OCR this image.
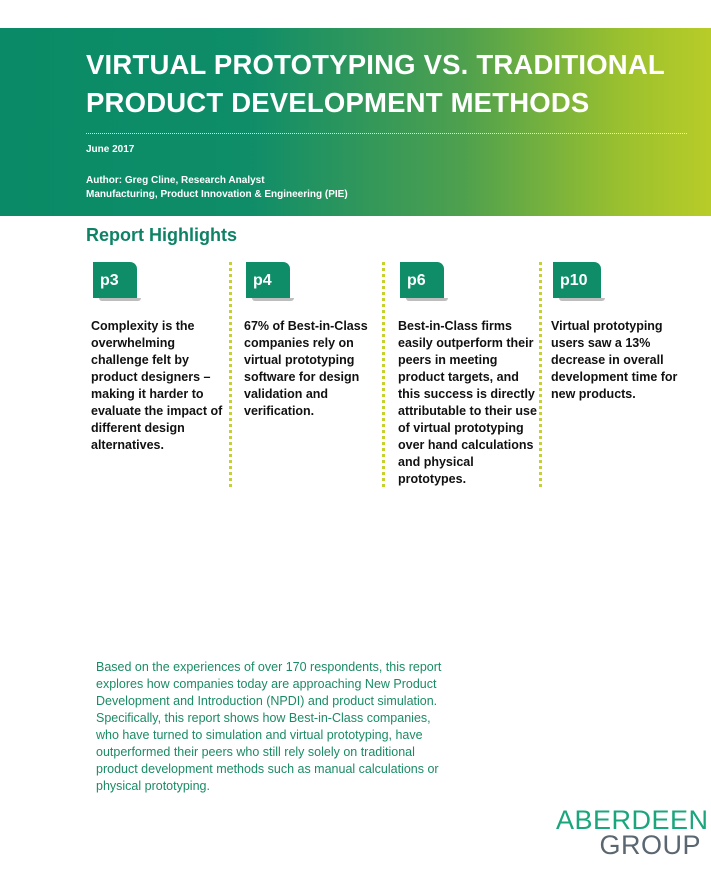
VIRTUAL PROTOTYPING VS. TRADITIONAL
PRODUCT DEVELOPMENT METHODS
June 2017
Author: Greg Cline, Research Analyst
Manufacturing, Product Innovation & Engineering (PIE)
Report Highlights
p3
Complexity is the overwhelming challenge felt by product designers – making it harder to evaluate the impact of different design alternatives.
p4
67% of Best-in-Class companies rely on virtual prototyping software for design validation and verification.
p6
Best-in-Class firms easily outperform their peers in meeting product targets, and this success is directly attributable to their use of virtual prototyping over hand calculations and physical prototypes.
p10
Virtual prototyping users saw a 13% decrease in overall development time for new products.

Based on the experiences of over 170 respondents, this report explores how companies today are approaching New Product Development and Introduction (NPDI) and product simulation. Specifically, this report shows how Best-in-Class companies, who have turned to simulation and virtual prototyping, have outperformed their peers who still rely solely on traditional product development methods such as manual calculations or physical prototyping.

ABERDEEN
GROUP
